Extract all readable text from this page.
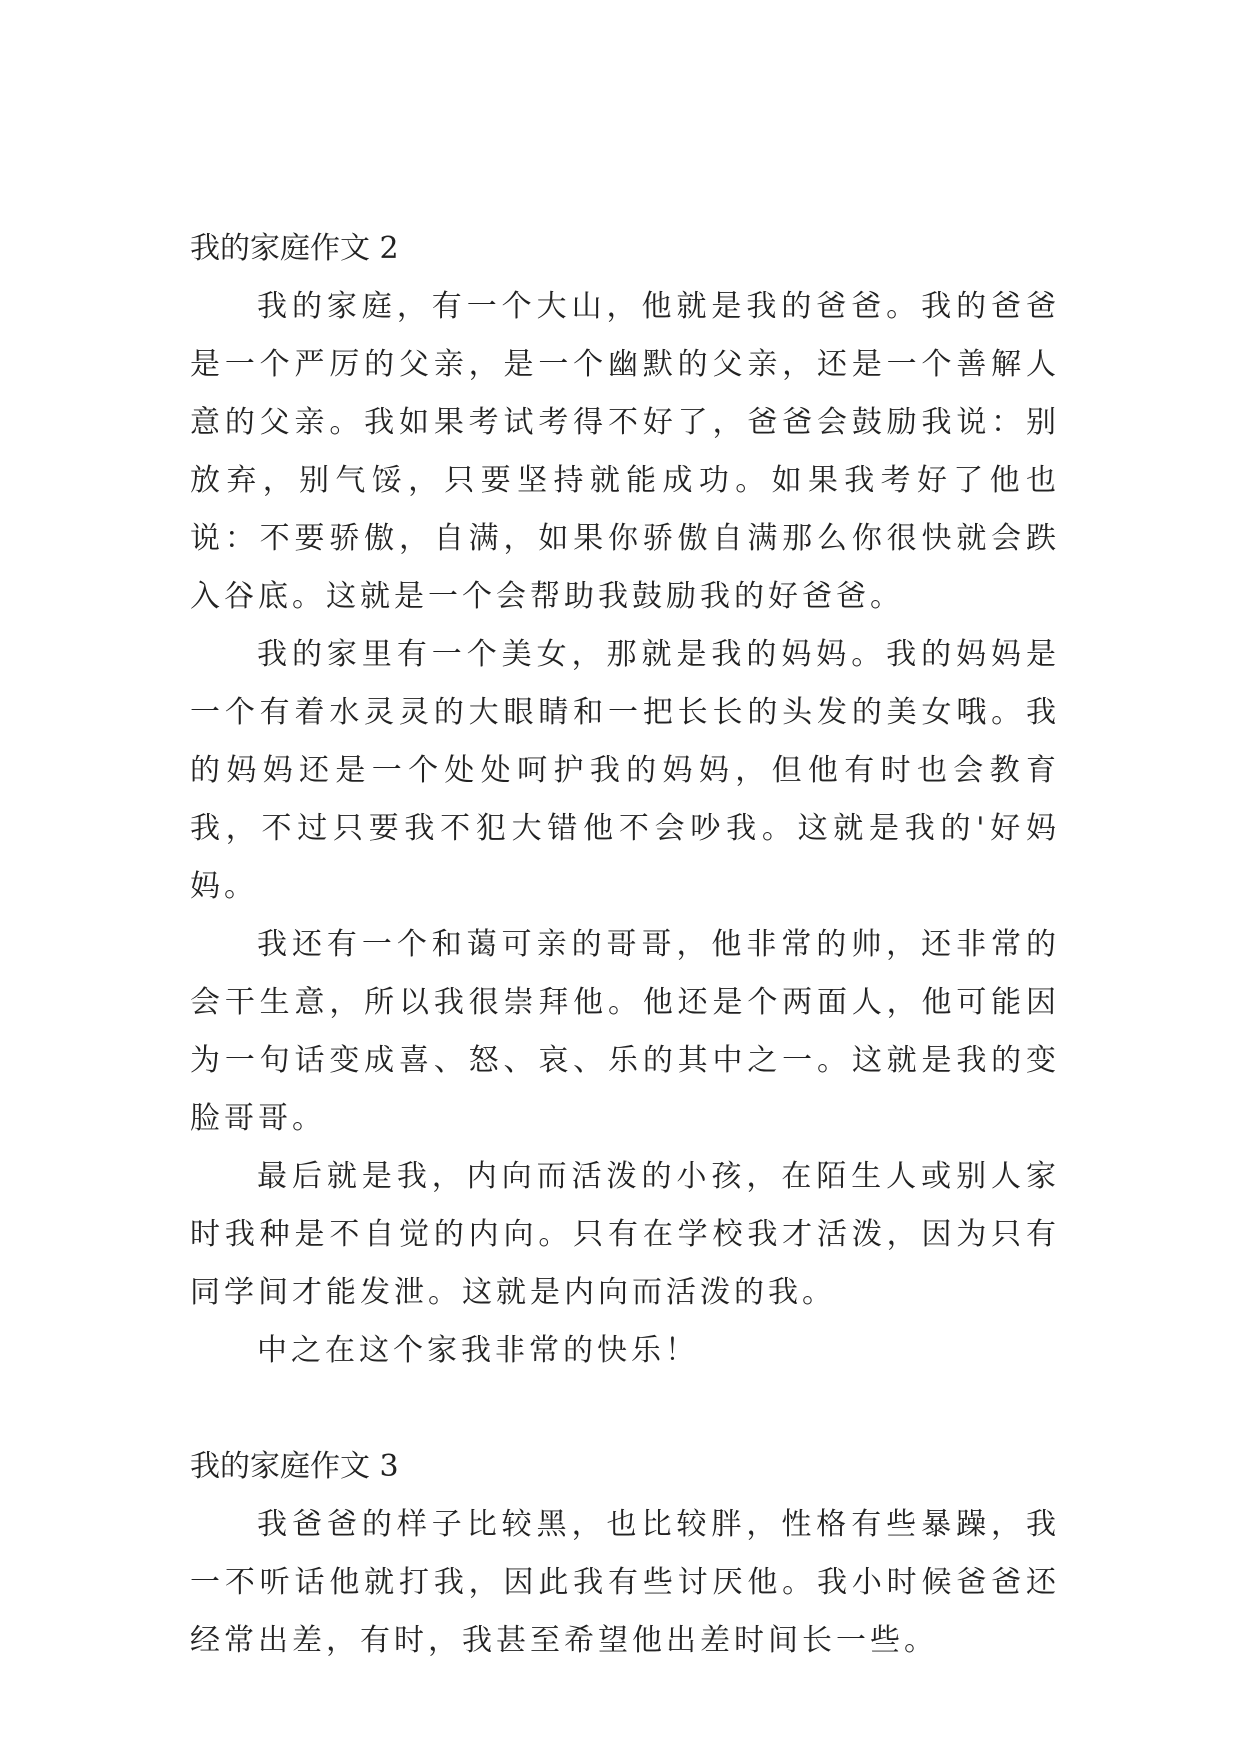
我的家庭作文 2

我的家庭，有一个大山，他就是我的爸爸。我的爸爸是一个严厉的父亲，是一个幽默的父亲，还是一个善解人意的父亲。我如果考试考得不好了，爸爸会鼓励我说：别放弃，别气馁，只要坚持就能成功。如果我考好了他也说：不要骄傲，自满，如果你骄傲自满那么你很快就会跌入谷底。这就是一个会帮助我鼓励我的好爸爸。

我的家里有一个美女，那就是我的妈妈。我的妈妈是一个有着水灵灵的大眼睛和一把长长的头发的美女哦。我的妈妈还是一个处处呵护我的妈妈，但他有时也会教育我，不过只要我不犯大错他不会吵我。这就是我的'好妈妈。

我还有一个和蔼可亲的哥哥，他非常的帅，还非常的会干生意，所以我很崇拜他。他还是个两面人，他可能因为一句话变成喜、怒、哀、乐的其中之一。这就是我的变脸哥哥。

最后就是我，内向而活泼的小孩，在陌生人或别人家时我种是不自觉的内向。只有在学校我才活泼，因为只有同学间才能发泄。这就是内向而活泼的我。

中之在这个家我非常的快乐！

我的家庭作文 3

我爸爸的样子比较黑，也比较胖，性格有些暴躁，我一不听话他就打我，因此我有些讨厌他。我小时候爸爸还经常出差，有时，我甚至希望他出差时间长一些。
